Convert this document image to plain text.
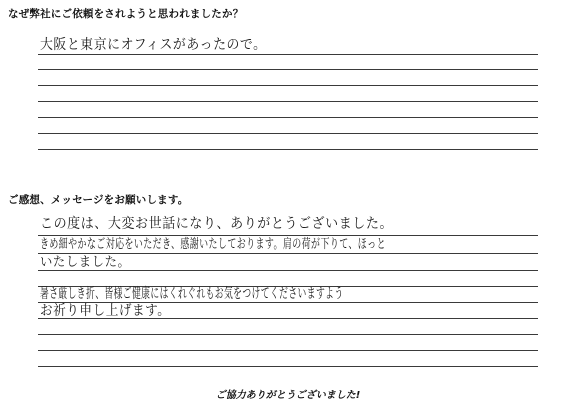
なぜ弊社にご依頼をされようと思われましたか？
大阪と東京にオフィスがあったので。
ご感想、メッセージをお願いします。
この度は、大変お世話になり、ありがとうございました。
きめ細やかなご対応をいただき、感謝いたしております。肩の荷が下りて、ほっと
いたしました。
暑さ厳しき折、皆様ご健康にはくれぐれもお気をつけてくださいますよう
お祈り申し上げます。
ご協力ありがとうございました!
